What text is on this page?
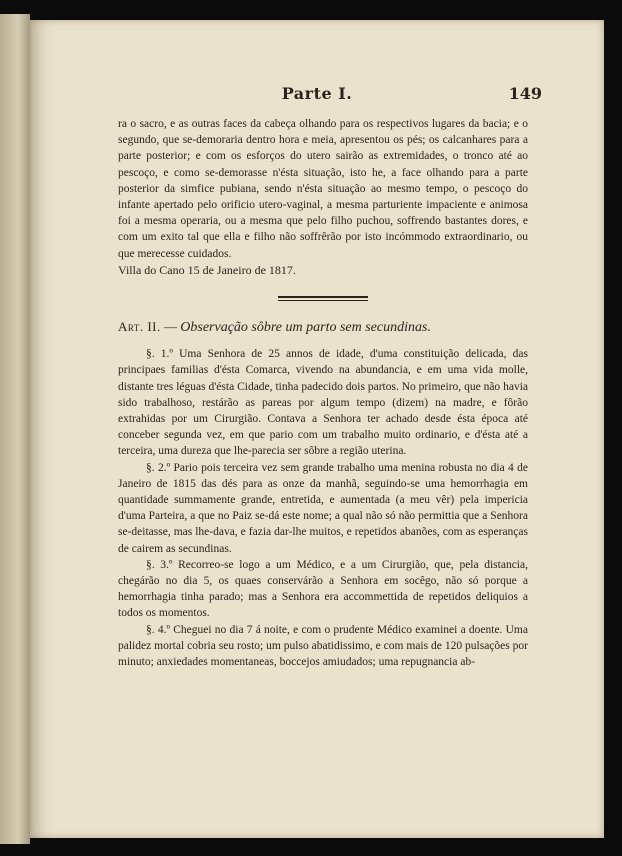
Parte I.	149

ra o sacro, e as outras faces da cabeça olhando para os respectivos lugares da bacia; e o segundo, que se-demoraria dentro hora e meia, apresentou os pés; os calcanhares para a parte posterior; e com os esforços do utero sairão as extremidades, o tronco até ao pescoço, e como se-demorasse n'ésta situação, isto he, a face olhando para a parte posterior da simfice pubiana, sendo n'ésta situação ao mesmo tempo, o pescoço do infante apertado pelo orificio utero-vaginal, a mesma parturiente impaciente e animosa foi a mesma operaria, ou a mesma que pelo filho puchou, soffrendo bastantes dores, e com um exito tal que ella e filho não soffrêrão por isto incómmodo extraordinario, ou que merecesse cuidados.

Villa do Cano 15 de Janeiro de 1817.

Art. II. — Observação sôbre um parto sem secundinas.

§. 1.º Uma Senhora de 25 annos de idade, d'uma constituição delicada, das principaes familias d'ésta Comarca, vivendo na abundancia, e em uma vida molle, distante tres léguas d'ésta Cidade, tinha padecido dois partos. No primeiro, que não havia sido trabalhoso, restárão as pareas por algum tempo (dizem) na madre, e fôrão extrahidas por um Cirurgião. Contava a Senhora ter achado desde ésta época até conceber segunda vez, em que pario com um trabalho muito ordinario, e d'ésta até a terceira, uma dureza que lhe-parecia ser sôbre a região uterina.

§. 2.º Pario pois terceira vez sem grande trabalho uma menina robusta no dia 4 de Janeiro de 1815 das dés para as onze da manhã, seguindo-se uma hemorrhagia em quantidade summamente grande, entretida, e aumentada (a meu vêr) pela impericia d'uma Parteira, a que no Paiz se-dá este nome; a qual não só não permittia que a Senhora se-deitasse, mas lhe-dava, e fazia dar-lhe muitos, e repetidos abanões, com as esperanças de cairem as secundinas.

§. 3.º Recorreo-se logo a um Médico, e a um Cirurgião, que, pela distancia, chegárão no dia 5, os quaes conservárão a Senhora em socêgo, não só porque a hemorrhagia tinha parado; mas a Senhora era accommettida de repetidos deliquios a todos os momentos.

§. 4.º Cheguei no dia 7 á noite, e com o prudente Médico examinei a doente. Uma palidez mortal cobria seu rosto; um pulso abatidissimo, e com mais de 120 pulsações por minuto; anxiedades momentaneas, boccejos amiudados; uma repugnancia ab-
